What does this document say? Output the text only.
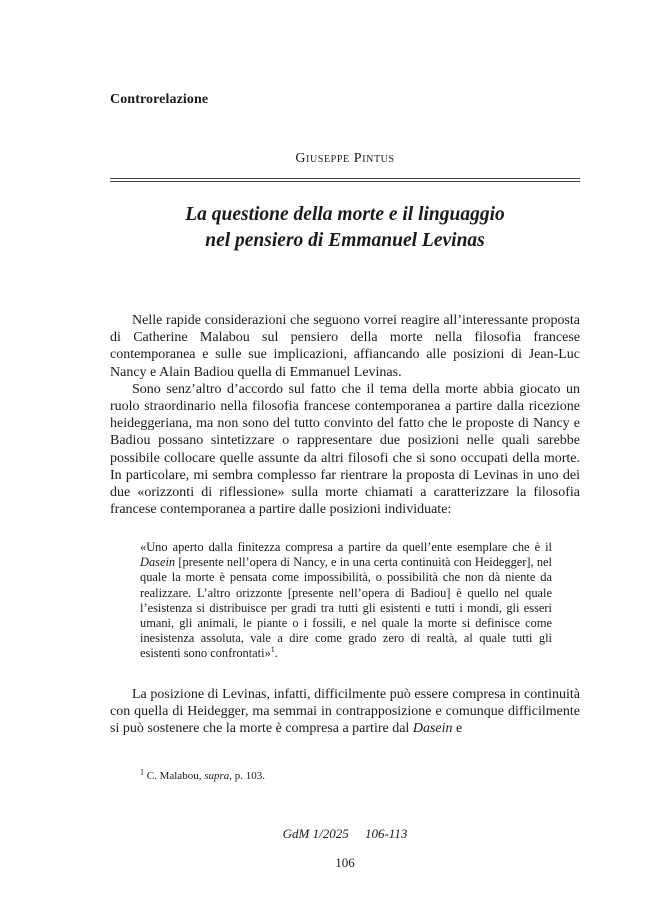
Controrelazione
Giuseppe Pintus
La questione della morte e il linguaggio
nel pensiero di Emmanuel Levinas

Nelle rapide considerazioni che seguono vorrei reagire all’interessante proposta di Catherine Malabou sul pensiero della morte nella filosofia francese contemporanea e sulle sue implicazioni, affiancando alle posizioni di Jean-Luc Nancy e Alain Badiou quella di Emmanuel Levinas.

Sono senz’altro d’accordo sul fatto che il tema della morte abbia giocato un ruolo straordinario nella filosofia francese contemporanea a partire dalla ricezione heideggeriana, ma non sono del tutto convinto del fatto che le proposte di Nancy e Badiou possano sintetizzare o rappresentare due posizioni nelle quali sarebbe possibile collocare quelle assunte da altri filosofi che si sono occupati della morte. In particolare, mi sembra complesso far rientrare la proposta di Levinas in uno dei due «orizzonti di riflessione» sulla morte chiamati a caratterizzare la filosofia francese contemporanea a partire dalle posizioni individuate:

«Uno aperto dalla finitezza compresa a partire da quell’ente esemplare che è il Dasein [presente nell’opera di Nancy, e in una certa continuità con Heidegger], nel quale la morte è pensata come impossibilità, o possibilità che non dà niente da realizzare. L’altro orizzonte [presente nell’opera di Badiou] è quello nel quale l’esistenza si distribuisce per gradi tra tutti gli esistenti e tutti i mondi, gli esseri umani, gli animali, le piante o i fossili, e nel quale la morte si definisce come inesistenza assoluta, vale a dire come grado zero di realtà, al quale tutti gli esistenti sono confrontati»$^1$.

La posizione di Levinas, infatti, difficilmente può essere compresa in continuità con quella di Heidegger, ma semmai in contrapposizione e comunque difficilmente si può sostenere che la morte è compresa a partire dal Dasein e

$^1$ C. Malabou, supra, p. 103.
GdM 1/2025     106-113
106
